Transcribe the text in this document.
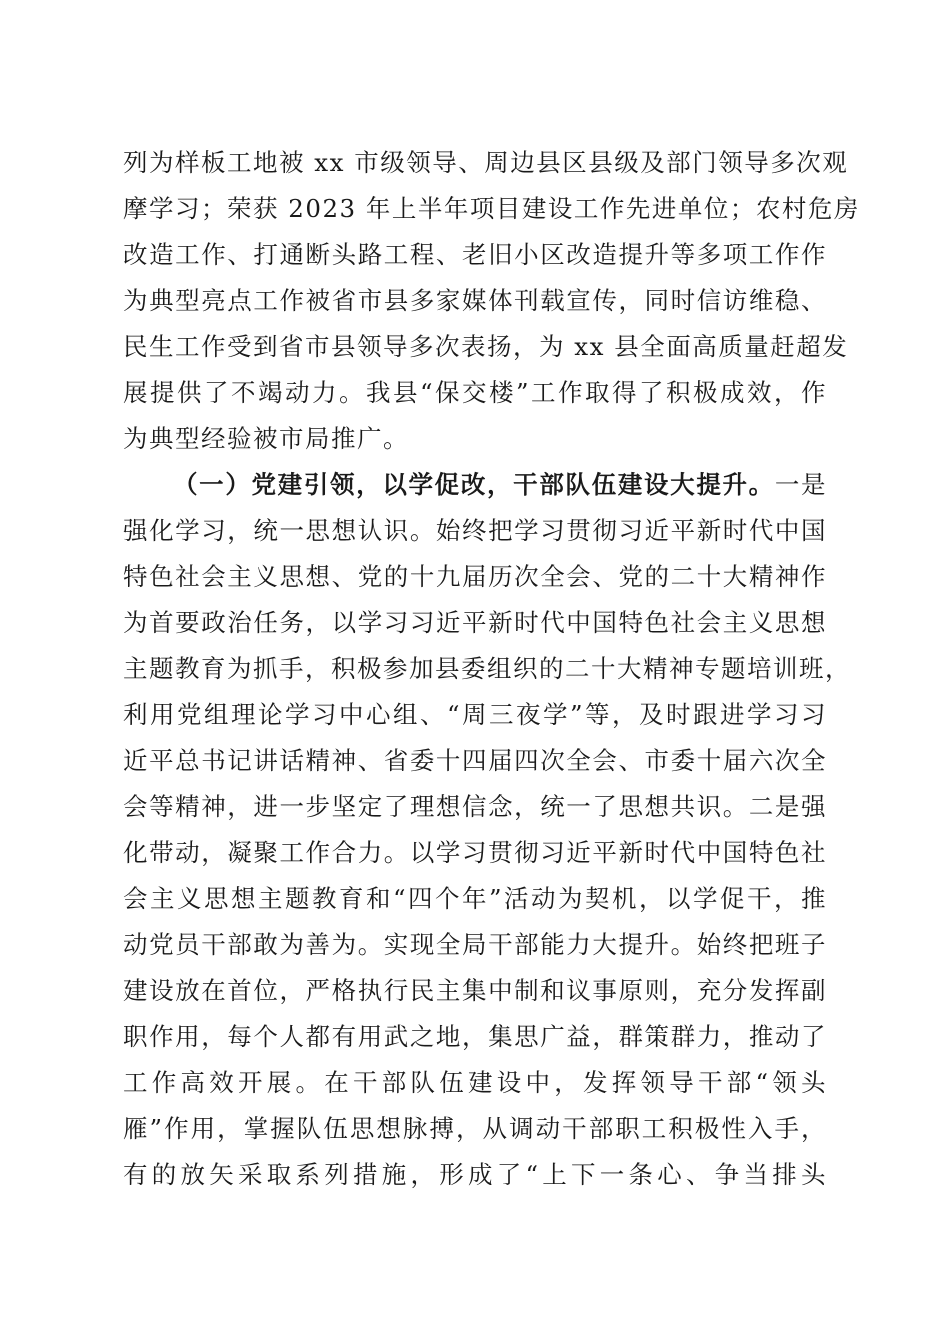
列为样板工地被 xx 市级领导、周边县区县级及部门领导多次观
摩学习；荣获 2023 年上半年项目建设工作先进单位；农村危房
改造工作、打通断头路工程、老旧小区改造提升等多项工作作
为典型亮点工作被省市县多家媒体刊载宣传，同时信访维稳、
民生工作受到省市县领导多次表扬，为 xx 县全面高质量赶超发
展提供了不竭动力。我县“保交楼”工作取得了积极成效，作
为典型经验被市局推广。
（一）党建引领，以学促改，干部队伍建设大提升。一是
强化学习，统一思想认识。始终把学习贯彻习近平新时代中国
特色社会主义思想、党的十九届历次全会、党的二十大精神作
为首要政治任务，以学习习近平新时代中国特色社会主义思想
主题教育为抓手，积极参加县委组织的二十大精神专题培训班，
利用党组理论学习中心组、“周三夜学”等，及时跟进学习习
近平总书记讲话精神、省委十四届四次全会、市委十届六次全
会等精神，进一步坚定了理想信念，统一了思想共识。二是强
化带动，凝聚工作合力。以学习贯彻习近平新时代中国特色社
会主义思想主题教育和“四个年”活动为契机，以学促干，推
动党员干部敢为善为。实现全局干部能力大提升。始终把班子
建设放在首位，严格执行民主集中制和议事原则，充分发挥副
职作用，每个人都有用武之地，集思广益，群策群力，推动了
工作高效开展。在干部队伍建设中，发挥领导干部“领头
雁”作用，掌握队伍思想脉搏，从调动干部职工积极性入手，
有的放矢采取系列措施，形成了“上下一条心、争当排头
